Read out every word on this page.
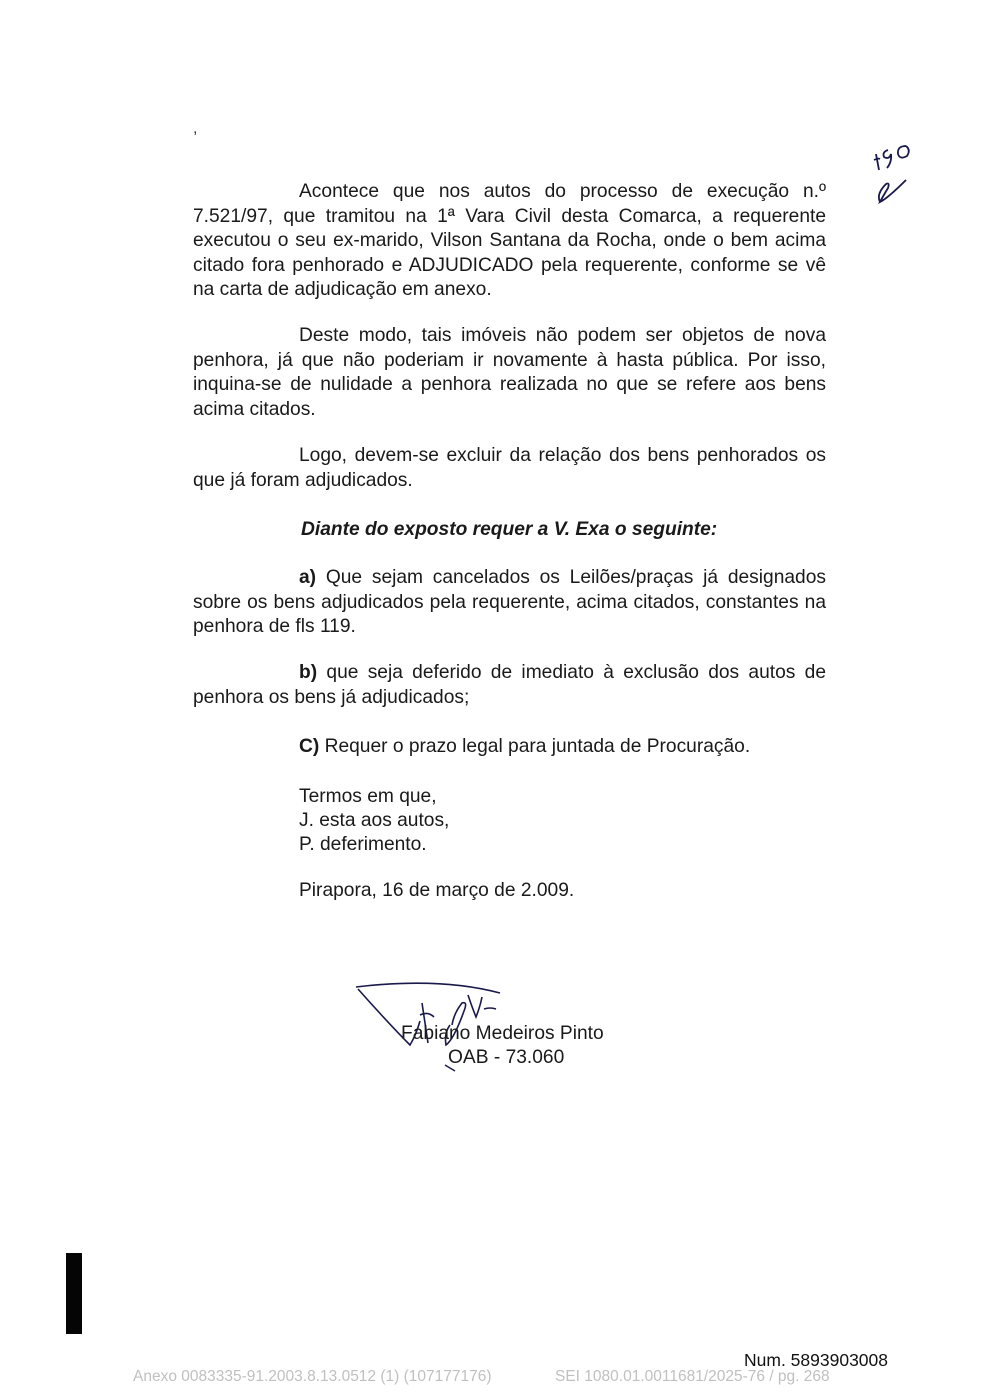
,

Acontece que nos autos do processo de execução n.º 7.521/97, que tramitou na 1ª Vara Civil desta Comarca, a requerente executou o seu ex-marido, Vilson Santana da Rocha, onde o bem acima citado fora penhorado e ADJUDICADO pela requerente, conforme se vê na carta de adjudicação em anexo.

Deste modo, tais imóveis não podem ser objetos de nova penhora, já que não poderiam ir novamente à hasta pública. Por isso, inquina-se de nulidade a penhora realizada no que se refere aos bens acima citados.

Logo, devem-se excluir da relação dos bens penhorados os que já foram adjudicados.

Diante do exposto requer a V. Exa o seguinte:

a) Que sejam cancelados os Leilões/praças já designados sobre os bens adjudicados pela requerente, acima citados, constantes na penhora de fls 119.

b) que seja deferido de imediato à exclusão dos autos de penhora os bens já adjudicados;

C) Requer o prazo legal para juntada de Procuração.

Termos em que,
J. esta aos autos,
P. deferimento.
Pirapora, 16 de março de 2.009.
Fabiano Medeiros Pinto
OAB - 73.060
Num. 5893903008
Anexo 0083335-91.2003.8.13.0512 (1) (107177176)	SEI 1080.01.0011681/2025-76 / pg. 268
